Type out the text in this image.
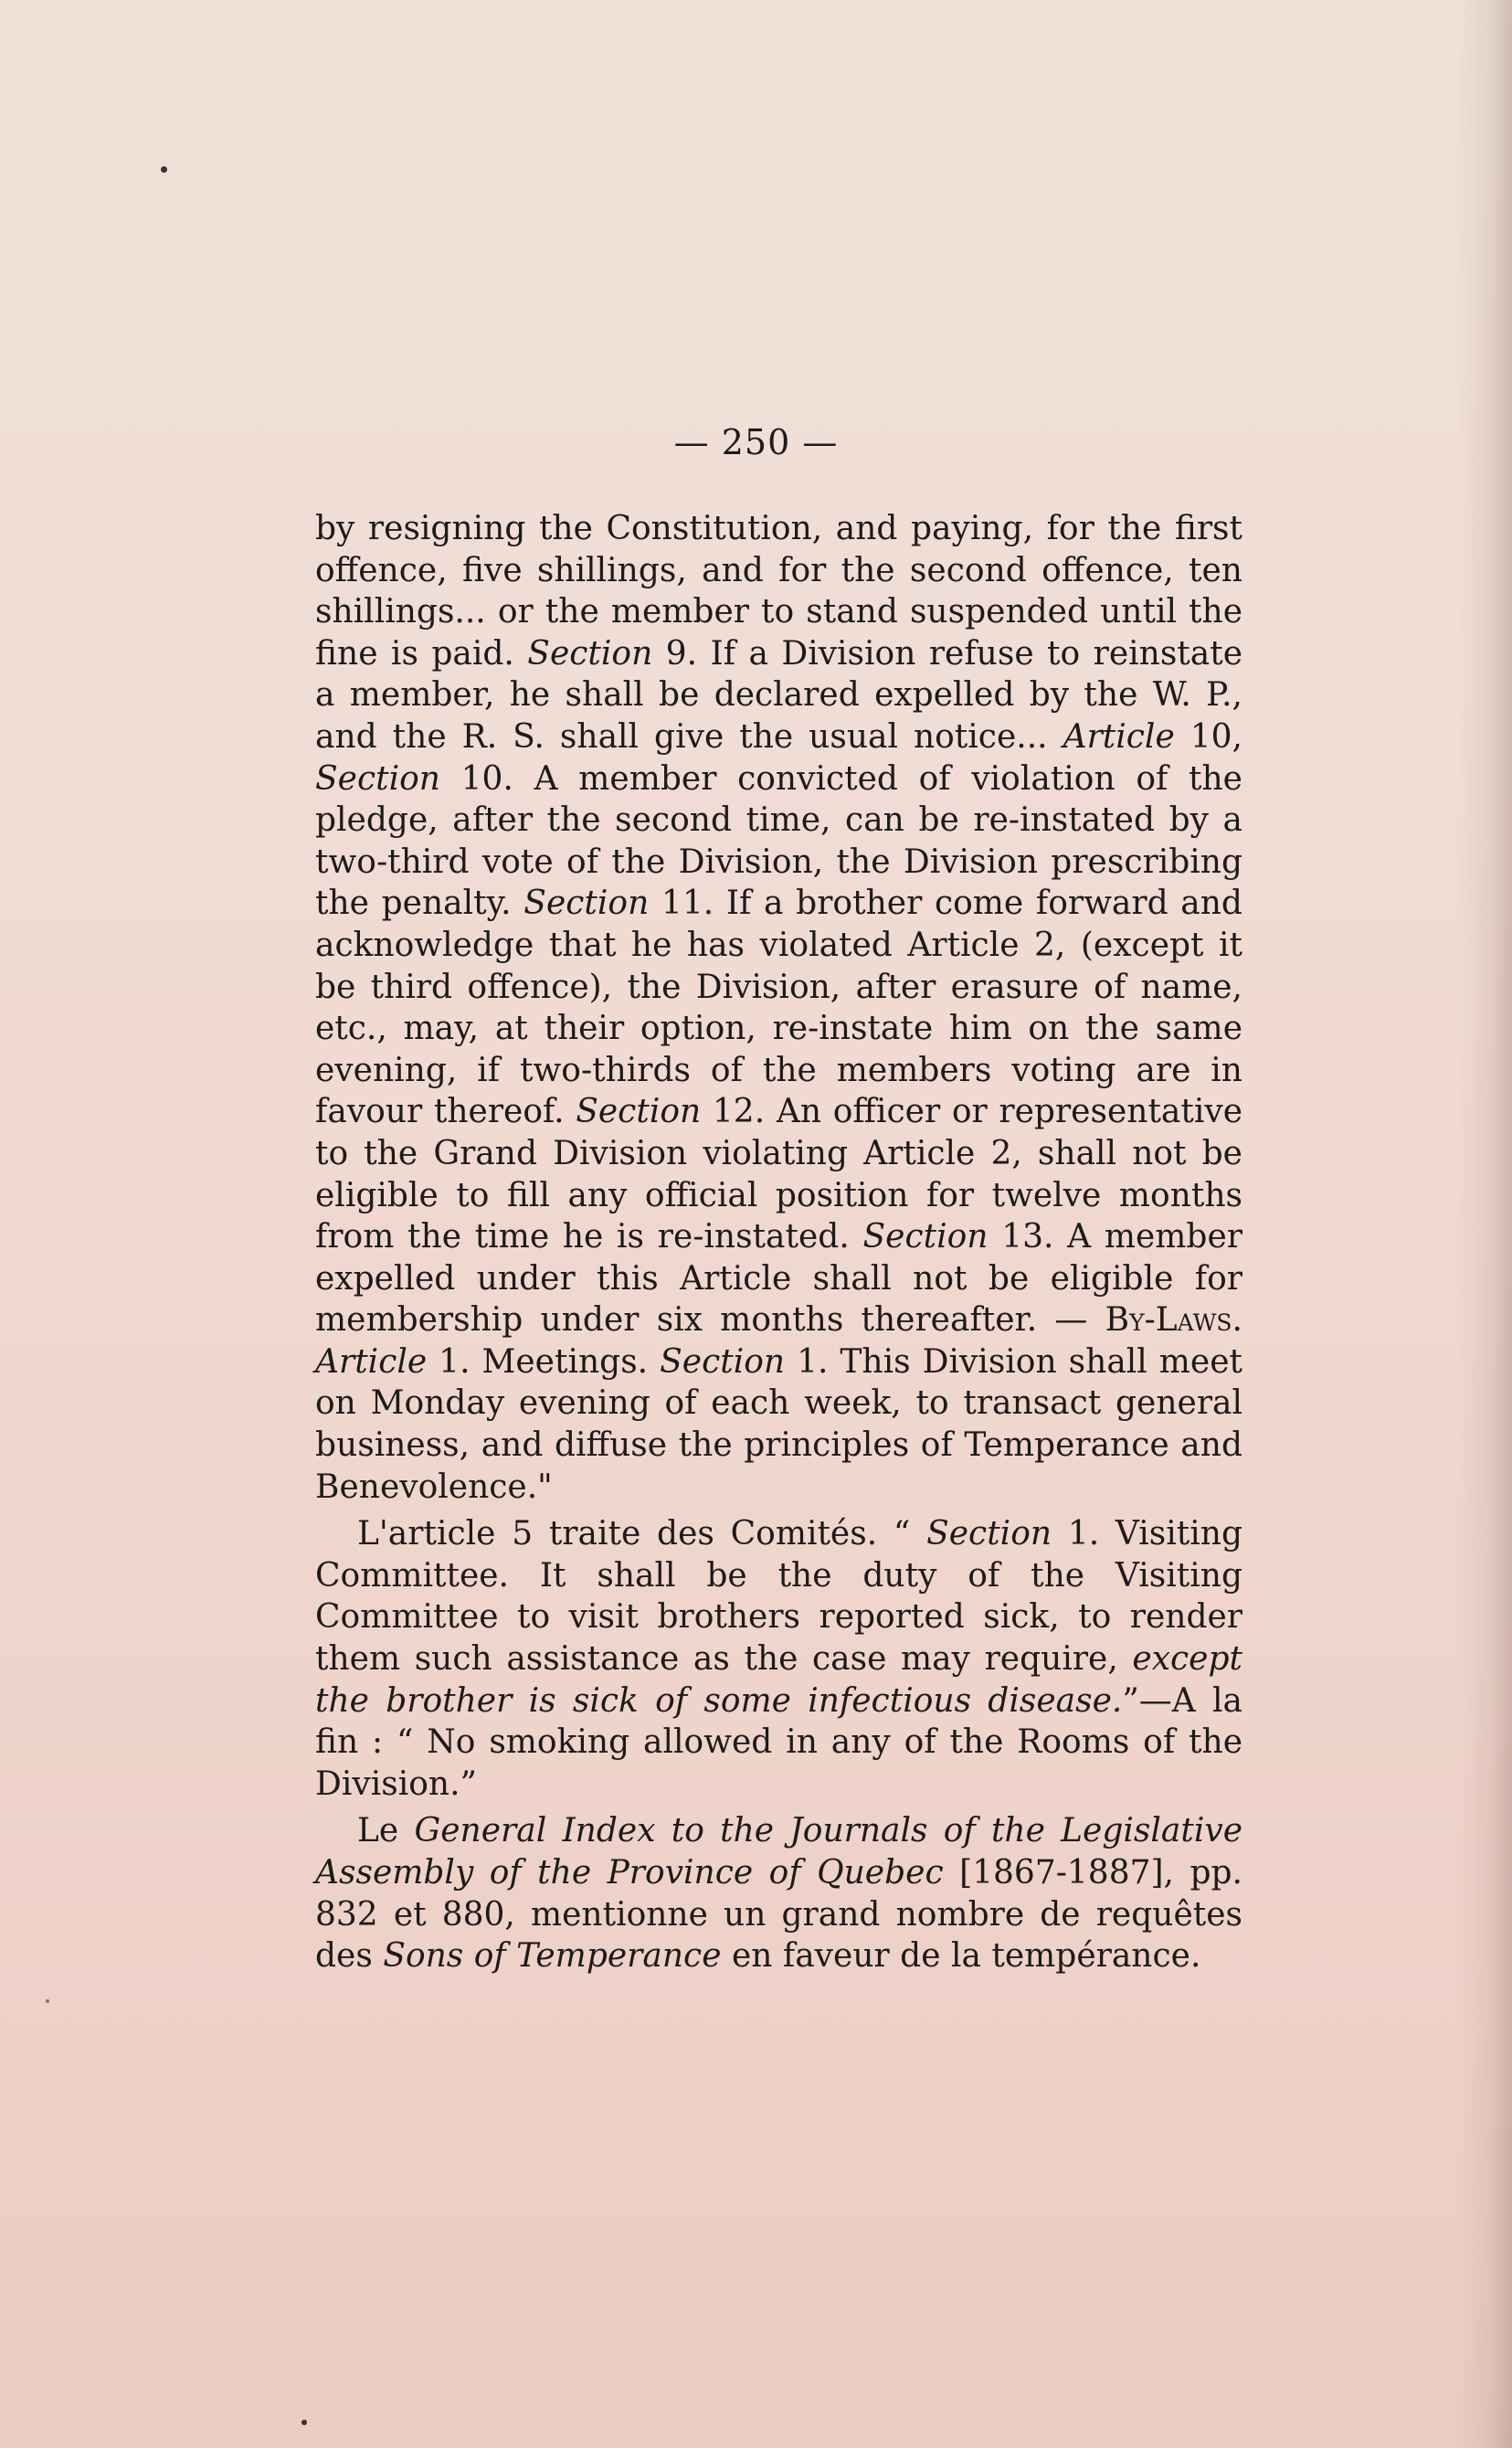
— 250 —

by resigning the Constitution, and paying, for the first offence, five shillings, and for the second offence, ten shillings... or the member to stand suspended until the fine is paid. Section 9. If a Division refuse to reinstate a member, he shall be declared expelled by the W. P., and the R. S. shall give the usual notice... Article 10, Section 10. A member convicted of violation of the pledge, after the second time, can be re-instated by a two-third vote of the Division, the Division prescribing the penalty. Section 11. If a brother come forward and acknowledge that he has violated Article 2, (except it be third offence), the Division, after erasure of name, etc., may, at their option, re-instate him on the same evening, if two-thirds of the members voting are in favour thereof. Section 12. An officer or representative to the Grand Division violating Article 2, shall not be eligible to fill any official position for twelve months from the time he is re-instated. Section 13. A member expelled under this Article shall not be eligible for membership under six months thereafter. — By-Laws. Article 1. Meetings. Section 1. This Division shall meet on Monday evening of each week, to transact general business, and diffuse the principles of Temperance and Benevolence."

L'article 5 traite des Comités. “ Section 1. Visiting Committee. It shall be the duty of the Visiting Committee to visit brothers reported sick, to render them such assistance as the case may require, except the brother is sick of some infectious disease.”—A la fin : “ No smoking allowed in any of the Rooms of the Division.”

Le General Index to the Journals of the Legislative Assembly of the Province of Quebec [1867-1887], pp. 832 et 880, mentionne un grand nombre de requêtes des Sons of Temperance en faveur de la tempérance.
